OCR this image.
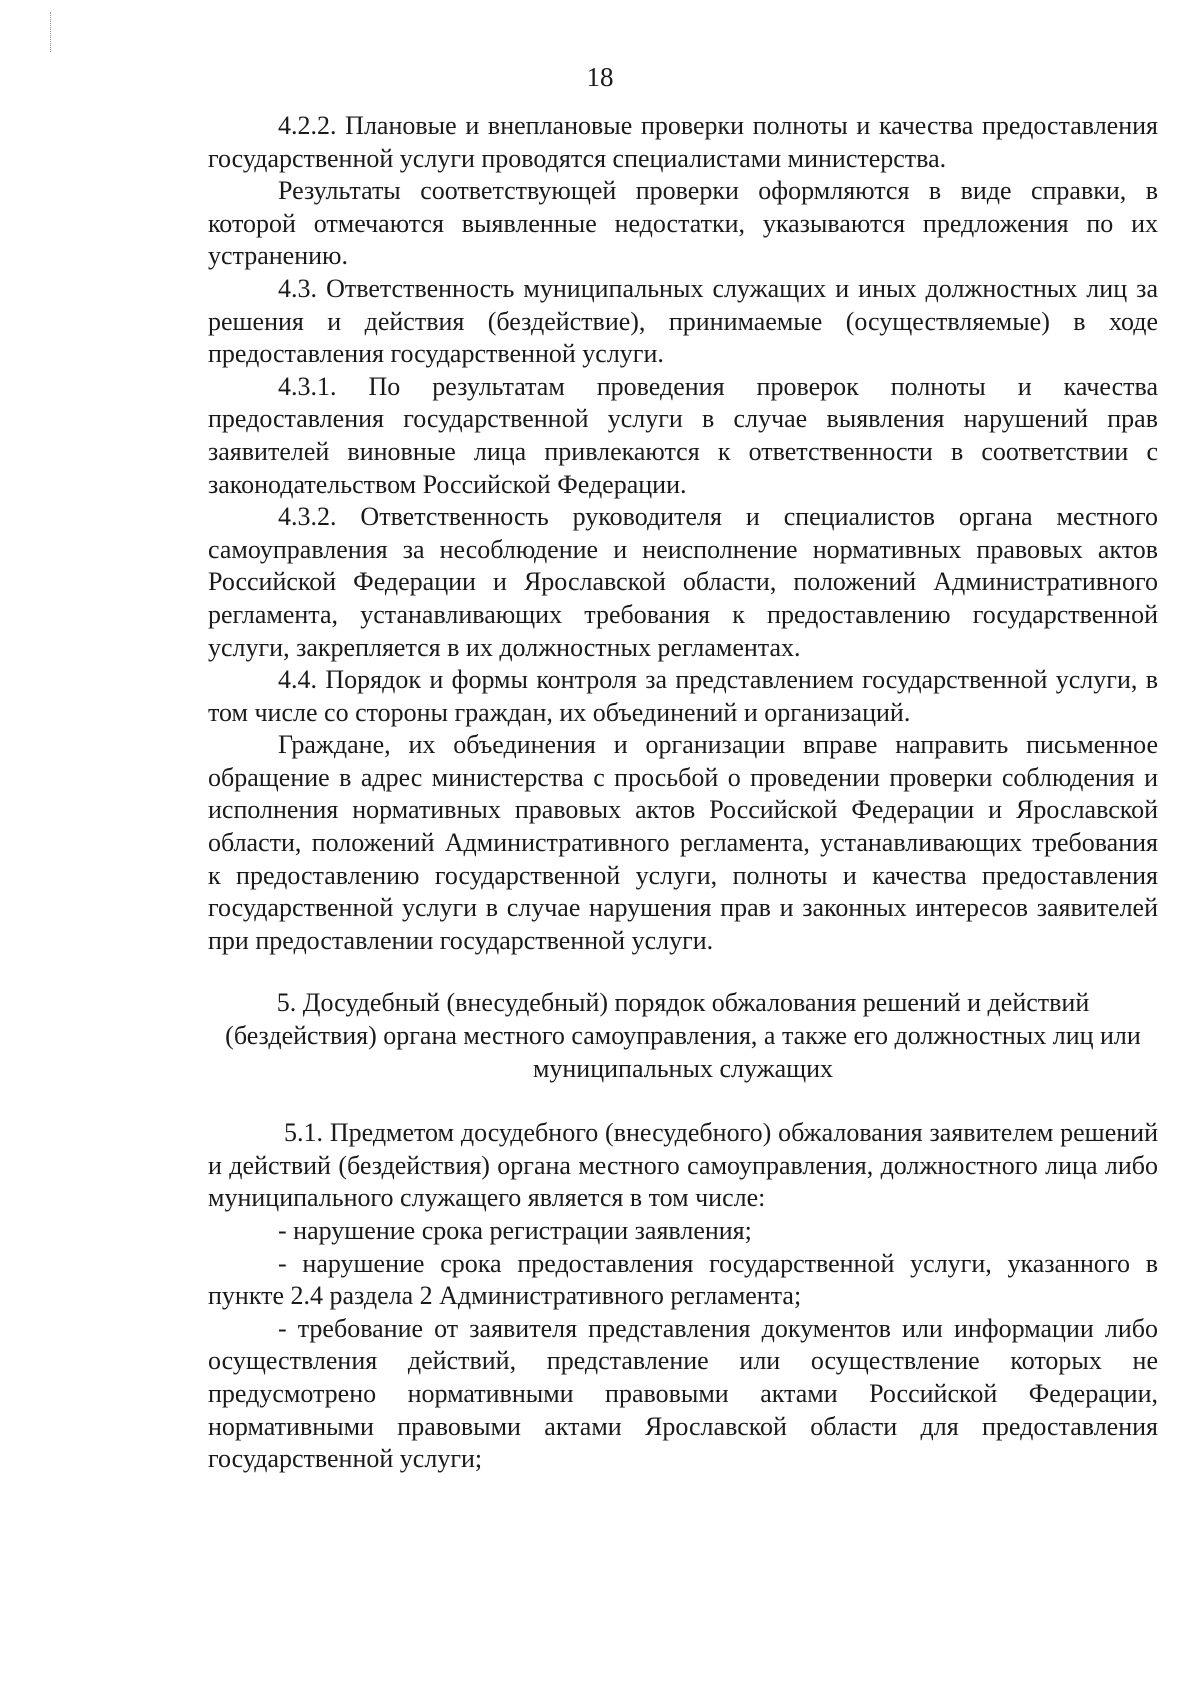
18

4.2.2. Плановые и внеплановые проверки полноты и качества предоставления государственной услуги проводятся специалистами министерства.

Результаты соответствующей проверки оформляются в виде справки, в которой отмечаются выявленные недостатки, указываются предложения по их устранению.

4.3. Ответственность муниципальных служащих и иных должностных лиц за решения и действия (бездействие), принимаемые (осуществляемые) в ходе предоставления государственной услуги.

4.3.1. По результатам проведения проверок полноты и качества предоставления государственной услуги в случае выявления нарушений прав заявителей виновные лица привлекаются к ответственности в соответствии с законодательством Российской Федерации.

4.3.2. Ответственность руководителя и специалистов органа местного самоуправления за несоблюдение и неисполнение нормативных правовых актов Российской Федерации и Ярославской области, положений Административного регламента, устанавливающих требования к предоставлению государственной услуги, закрепляется в их должностных регламентах.

4.4. Порядок и формы контроля за представлением государственной услуги, в том числе со стороны граждан, их объединений и организаций.

Граждане, их объединения и организации вправе направить письменное обращение в адрес министерства с просьбой о проведении проверки соблюдения и исполнения нормативных правовых актов Российской Федерации и Ярославской области, положений Административного регламента, устанавливающих требования к предоставлению государственной услуги, полноты и качества предоставления государственной услуги в случае нарушения прав и законных интересов заявителей при предоставлении государственной услуги.

5. Досудебный (внесудебный) порядок обжалования решений и действий (бездействия) органа местного самоуправления, а также его должностных лиц или муниципальных служащих

5.1. Предметом досудебного (внесудебного) обжалования заявителем решений и действий (бездействия) органа местного самоуправления, должностного лица либо муниципального служащего является в том числе:

- нарушение срока регистрации заявления;

- нарушение срока предоставления государственной услуги, указанного в пункте 2.4 раздела 2 Административного регламента;

- требование от заявителя представления документов или информации либо осуществления действий, представление или осуществление которых не предусмотрено нормативными правовыми актами Российской Федерации, нормативными правовыми актами Ярославской области для предоставления государственной услуги;
